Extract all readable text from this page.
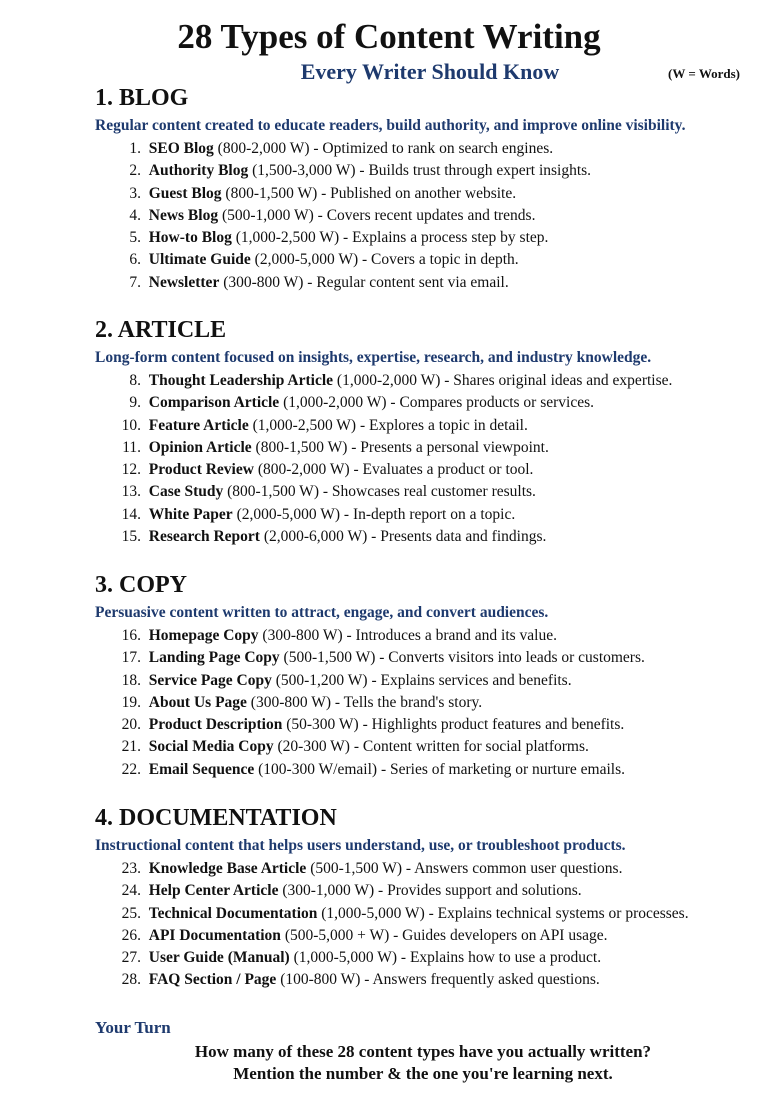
28 Types of Content Writing
Every Writer Should Know	(W = Words)
1. BLOG
Regular content created to educate readers, build authority, and improve online visibility.
1.
SEO Blog (800-2,000 W) - Optimized to rank on search engines.
2.
Authority Blog (1,500-3,000 W) - Builds trust through expert insights.
3.
Guest Blog (800-1,500 W) - Published on another website.
4.
News Blog (500-1,000 W) - Covers recent updates and trends.
5.
How-to Blog (1,000-2,500 W) - Explains a process step by step.
6.
Ultimate Guide (2,000-5,000 W) - Covers a topic in depth.
7.
Newsletter (300-800 W) - Regular content sent via email.
2. ARTICLE
Long-form content focused on insights, expertise, research, and industry knowledge.
8.
Thought Leadership Article (1,000-2,000 W) - Shares original ideas and expertise.
9.
Comparison Article (1,000-2,000 W) - Compares products or services.
10.
Feature Article (1,000-2,500 W) - Explores a topic in detail.
11.
Opinion Article (800-1,500 W) - Presents a personal viewpoint.
12.
Product Review (800-2,000 W) - Evaluates a product or tool.
13.
Case Study (800-1,500 W) - Showcases real customer results.
14.
White Paper (2,000-5,000 W) - In-depth report on a topic.
15.
Research Report (2,000-6,000 W) - Presents data and findings.
3. COPY
Persuasive content written to attract, engage, and convert audiences.
16.
Homepage Copy (300-800 W) - Introduces a brand and its value.
17.
Landing Page Copy (500-1,500 W) - Converts visitors into leads or customers.
18.
Service Page Copy (500-1,200 W) - Explains services and benefits.
19.
About Us Page (300-800 W) - Tells the brand's story.
20.
Product Description (50-300 W) - Highlights product features and benefits.
21.
Social Media Copy (20-300 W) - Content written for social platforms.
22.
Email Sequence (100-300 W/email) - Series of marketing or nurture emails.
4. DOCUMENTATION
Instructional content that helps users understand, use, or troubleshoot products.
23.
Knowledge Base Article (500-1,500 W) - Answers common user questions.
24.
Help Center Article (300-1,000 W) - Provides support and solutions.
25.
Technical Documentation (1,000-5,000 W) - Explains technical systems or processes.
26.
API Documentation (500-5,000 + W) - Guides developers on API usage.
27.
User Guide (Manual) (1,000-5,000 W) - Explains how to use a product.
28.
FAQ Section / Page (100-800 W) - Answers frequently asked questions.
Your Turn
How many of these 28 content types have you actually written?
Mention the number & the one you're learning next.
